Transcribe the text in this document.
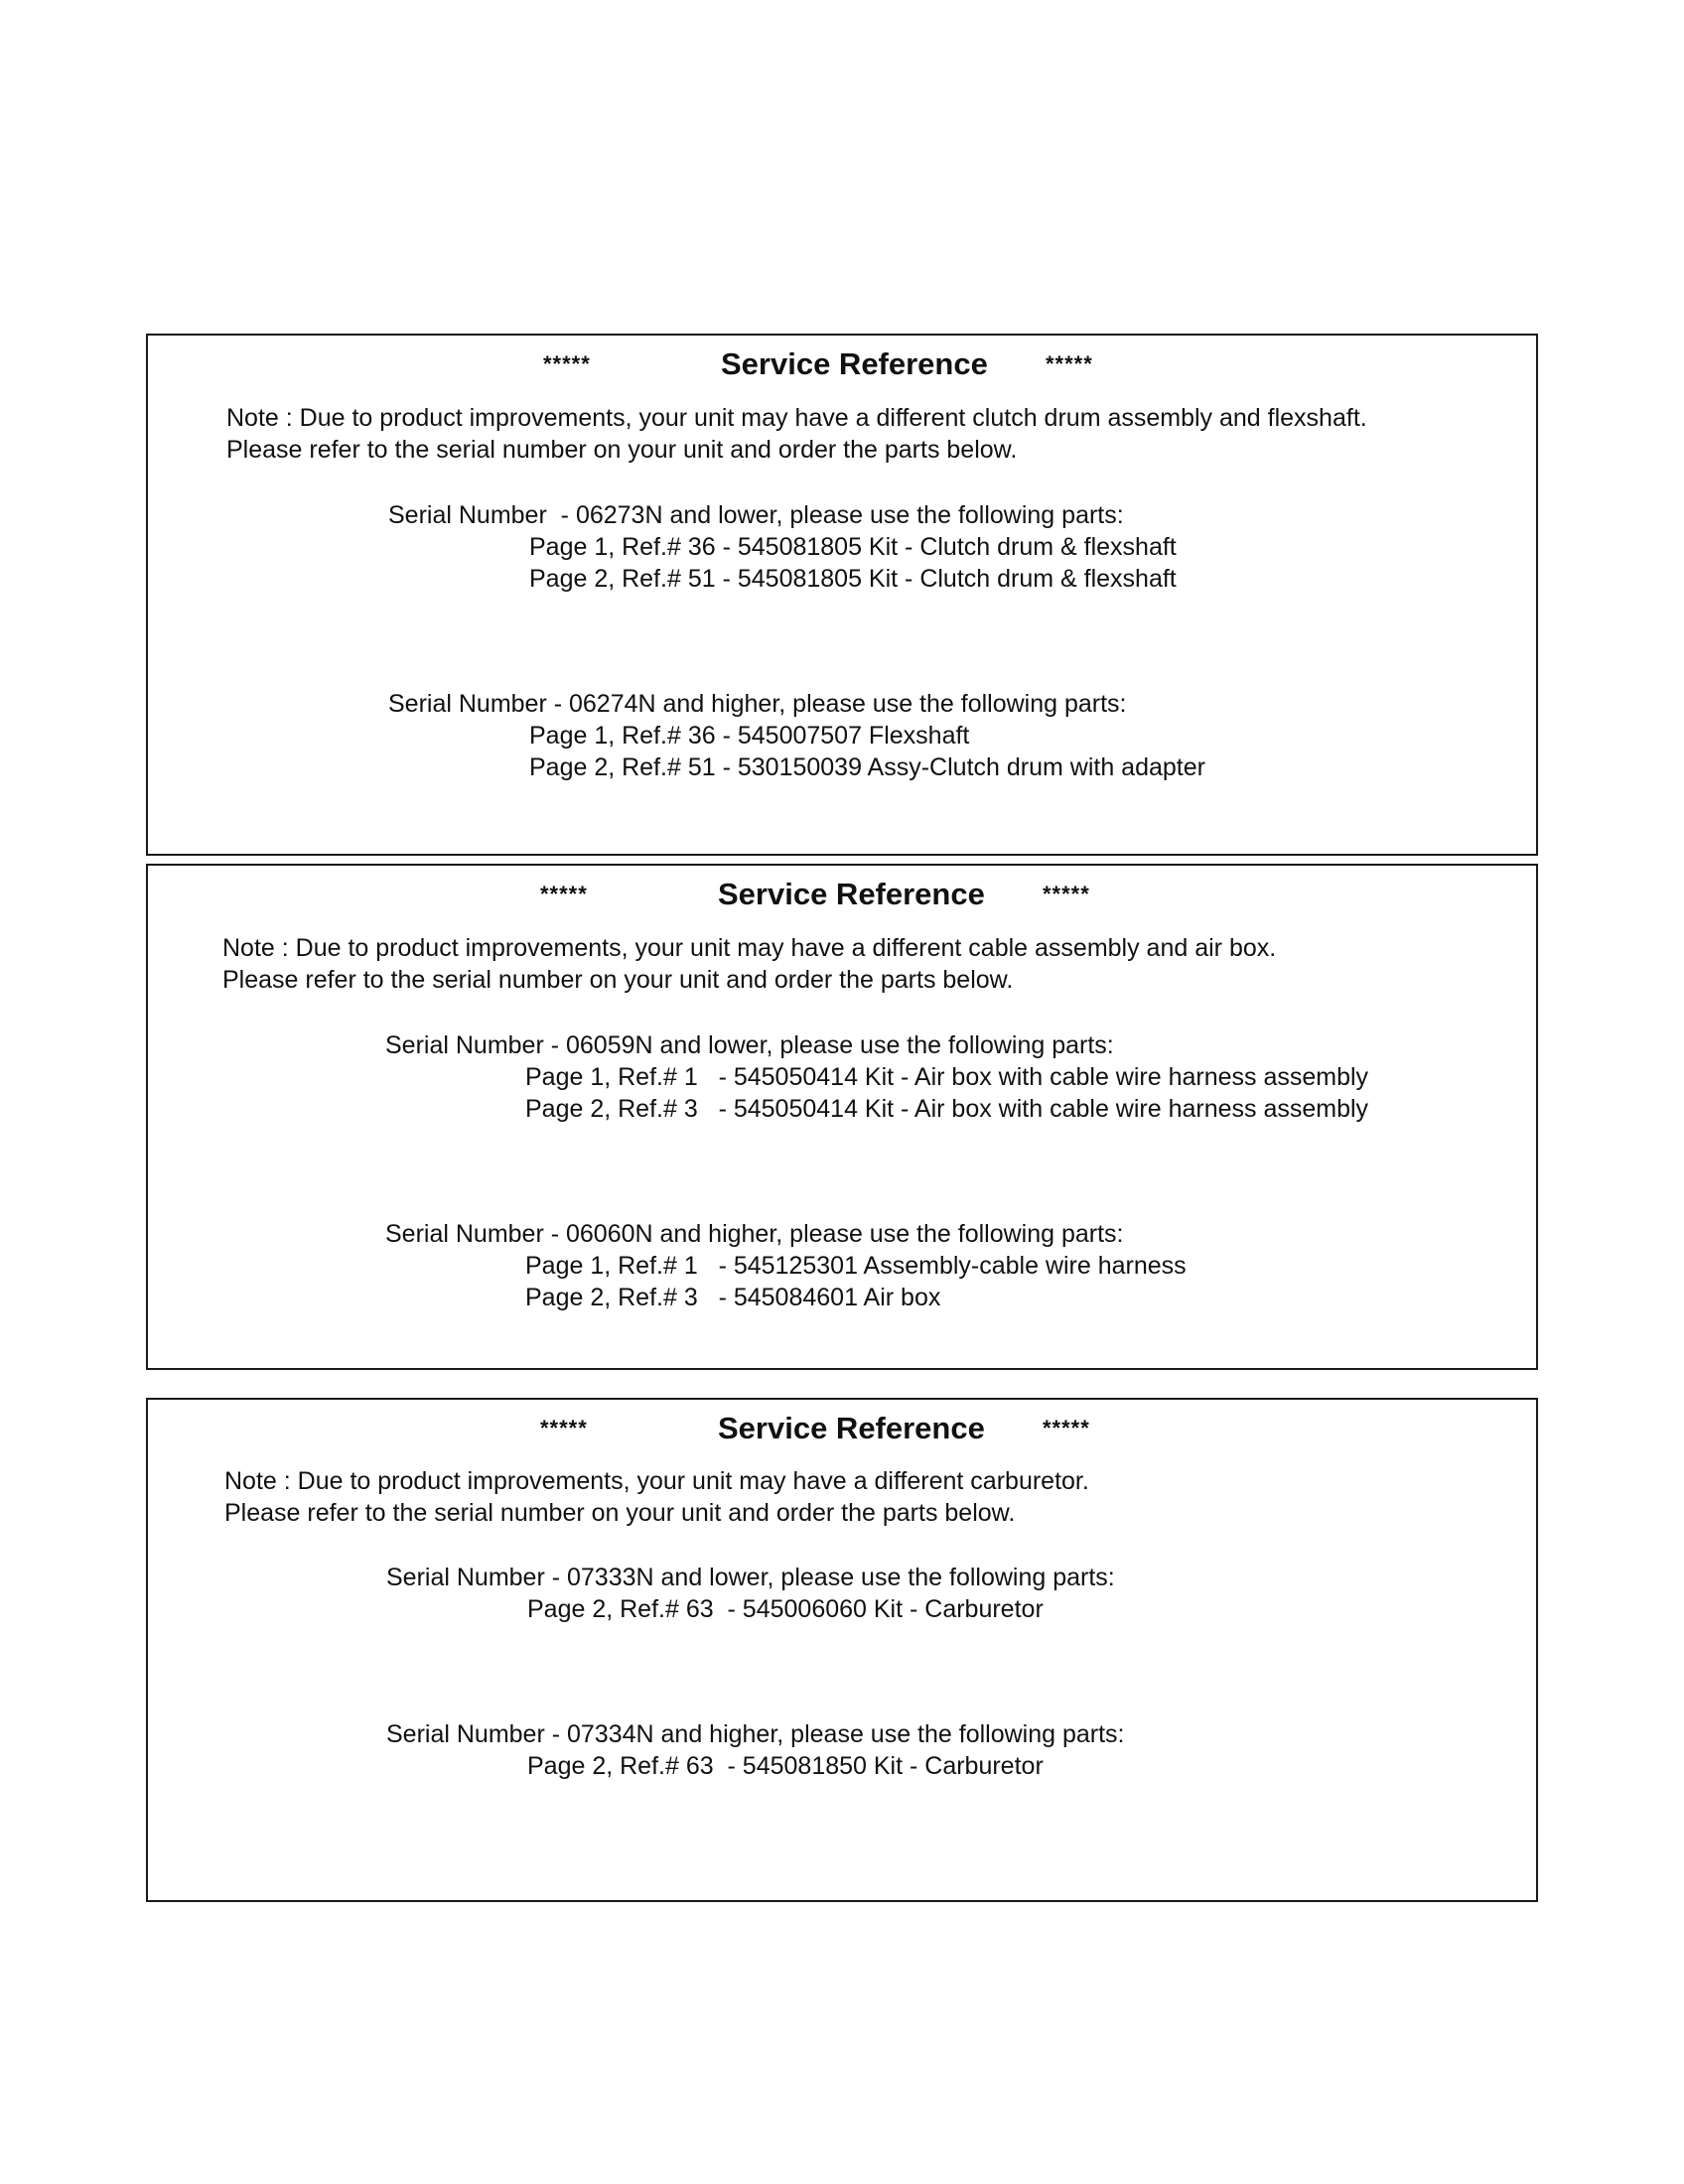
*****	Service Reference	*****
Note : Due to product improvements, your unit may have a different clutch drum assembly and flexshaft.
Please refer to the serial number on your unit and order the parts below.
Serial Number  - 06273N and lower, please use the following parts:
Page 1, Ref.# 36 - 545081805 Kit - Clutch drum & flexshaft
Page 2, Ref.# 51 - 545081805 Kit - Clutch drum & flexshaft
Serial Number - 06274N and higher, please use the following parts:
Page 1, Ref.# 36 - 545007507 Flexshaft
Page 2, Ref.# 51 - 530150039 Assy-Clutch drum with adapter
*****	Service Reference	*****
Note : Due to product improvements, your unit may have a different cable assembly and air box.
Please refer to the serial number on your unit and order the parts below.
Serial Number - 06059N and lower, please use the following parts:
Page 1, Ref.# 1   - 545050414 Kit - Air box with cable wire harness assembly
Page 2, Ref.# 3   - 545050414 Kit - Air box with cable wire harness assembly
Serial Number - 06060N and higher, please use the following parts:
Page 1, Ref.# 1   - 545125301 Assembly-cable wire harness
Page 2, Ref.# 3   - 545084601 Air box
*****	Service Reference	*****
Note : Due to product improvements, your unit may have a different carburetor.
Please refer to the serial number on your unit and order the parts below.
Serial Number - 07333N and lower, please use the following parts:
Page 2, Ref.# 63  - 545006060 Kit - Carburetor
Serial Number - 07334N and higher, please use the following parts:
Page 2, Ref.# 63  - 545081850 Kit - Carburetor
